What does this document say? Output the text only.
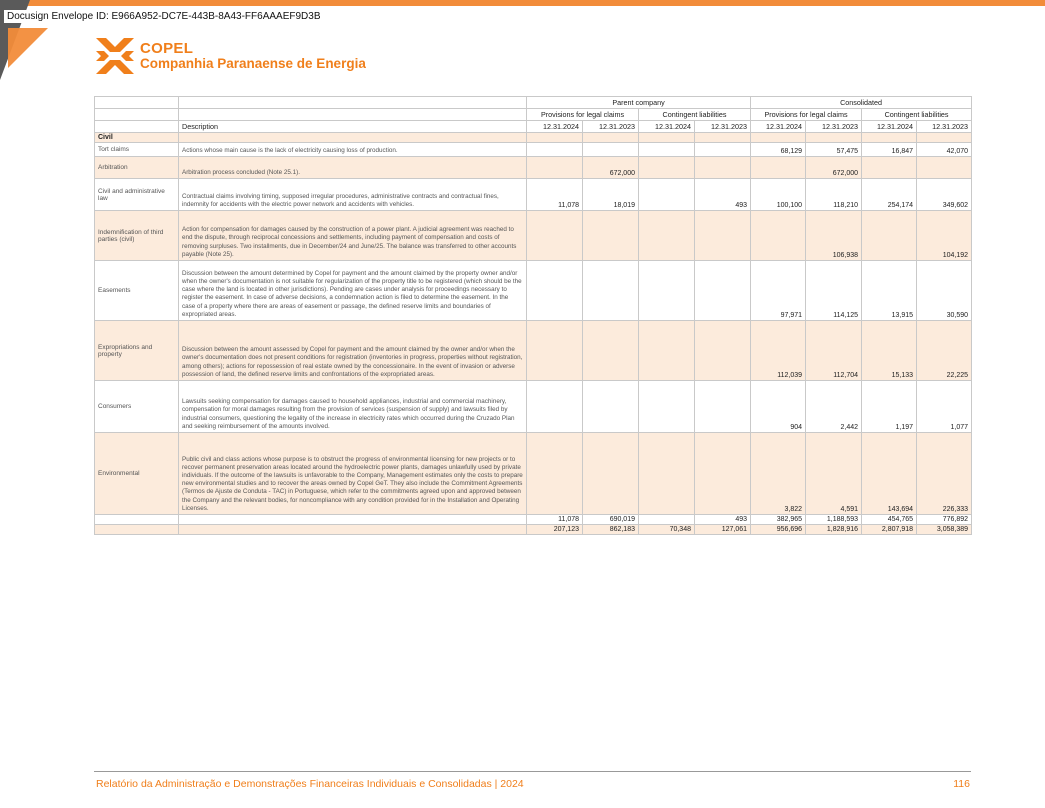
Docusign Envelope ID: E966A952-DC7E-443B-8A43-FF6AAAEF9D3B
COPEL
Companhia Paranaense de Energia
		Parent company				Consolidated			
		Provisions for legal claims		Contingent liabilities		Provisions for legal claims		Contingent liabilities	
	Description	12.31.2024	12.31.2023	12.31.2024	12.31.2023	12.31.2024	12.31.2023	12.31.2024	12.31.2023
Civil									
Tort claims	Actions whose main cause is the lack of electricity causing loss of production.					68,129	57,475	16,847	42,070
Arbitration	Arbitration process concluded (Note 25.1).		672,000				672,000		
Civil and administrative law	Contractual claims involving timing, supposed irregular procedures, administrative contracts and contractual fines, indemnity for accidents with the electric power network and accidents with vehicles.	11,078	18,019		493	100,100	118,210	254,174	349,602
Indemnification of third parties (civil)	Action for compensation for damages caused by the construction of a power plant. A judicial agreement was reached to end the dispute, through reciprocal concessions and settlements, including payment of compensation and costs of removing surpluses. Two installments, due in December/24 and June/25. The balance was transferred to other accounts payable (Note 25).						106,938		104,192
Easements	Discussion between the amount determined by Copel for payment and the amount claimed by the property owner and/or when the owner's documentation is not suitable for regularization of the property title to be registered (which should be the case where the land is located in other jurisdictions). Pending are cases under analysis for proceedings necessary to register the easement. In case of adverse decisions, a condemnation action is filed to determine the easement. In the case of a property where there are areas of easement or passage, the defined reserve limits and boundaries of expropriated areas.					97,971	114,125	13,915	30,590
Expropriations and property	Discussion between the amount assessed by Copel for payment and the amount claimed by the owner and/or when the owner's documentation does not present conditions for registration (inventories in progress, properties without registration, among others); actions for repossession of real estate owned by the concessionaire. In the event of invasion or adverse possession of land, the defined reserve limits and confrontations of the expropriated areas.					112,039	112,704	15,133	22,225
Consumers	Lawsuits seeking compensation for damages caused to household appliances, industrial and commercial machinery, compensation for moral damages resulting from the provision of services (suspension of supply) and lawsuits filed by industrial consumers, questioning the legality of the increase in electricity rates which occurred during the Cruzado Plan and seeking reimbursement of the amounts involved.					904	2,442	1,197	1,077
Environmental	Public civil and class actions whose purpose is to obstruct the progress of environmental licensing for new projects or to recover permanent preservation areas located around the hydroelectric power plants, damages unlawfully used by private individuals. If the outcome of the lawsuits is unfavorable to the Company, Management estimates only the costs to prepare new environmental studies and to recover the areas owned by Copel GeT. They also include the Commitment Agreements (Termos de Ajuste de Conduta - TAC) in Portuguese, which refer to the commitments agreed upon and approved between the Company and the relevant bodies, for noncompliance with any condition provided for in the Installation and Operating Licenses.					3,822	4,591	143,694	226,333
		11,078	690,019		493	382,965	1,188,593	454,765	776,892
		207,123	862,183	70,348	127,061	956,696	1,828,916	2,807,918	3,058,389
Relatório da Administração e Demonstrações Financeiras Individuais e Consolidadas | 2024	116
